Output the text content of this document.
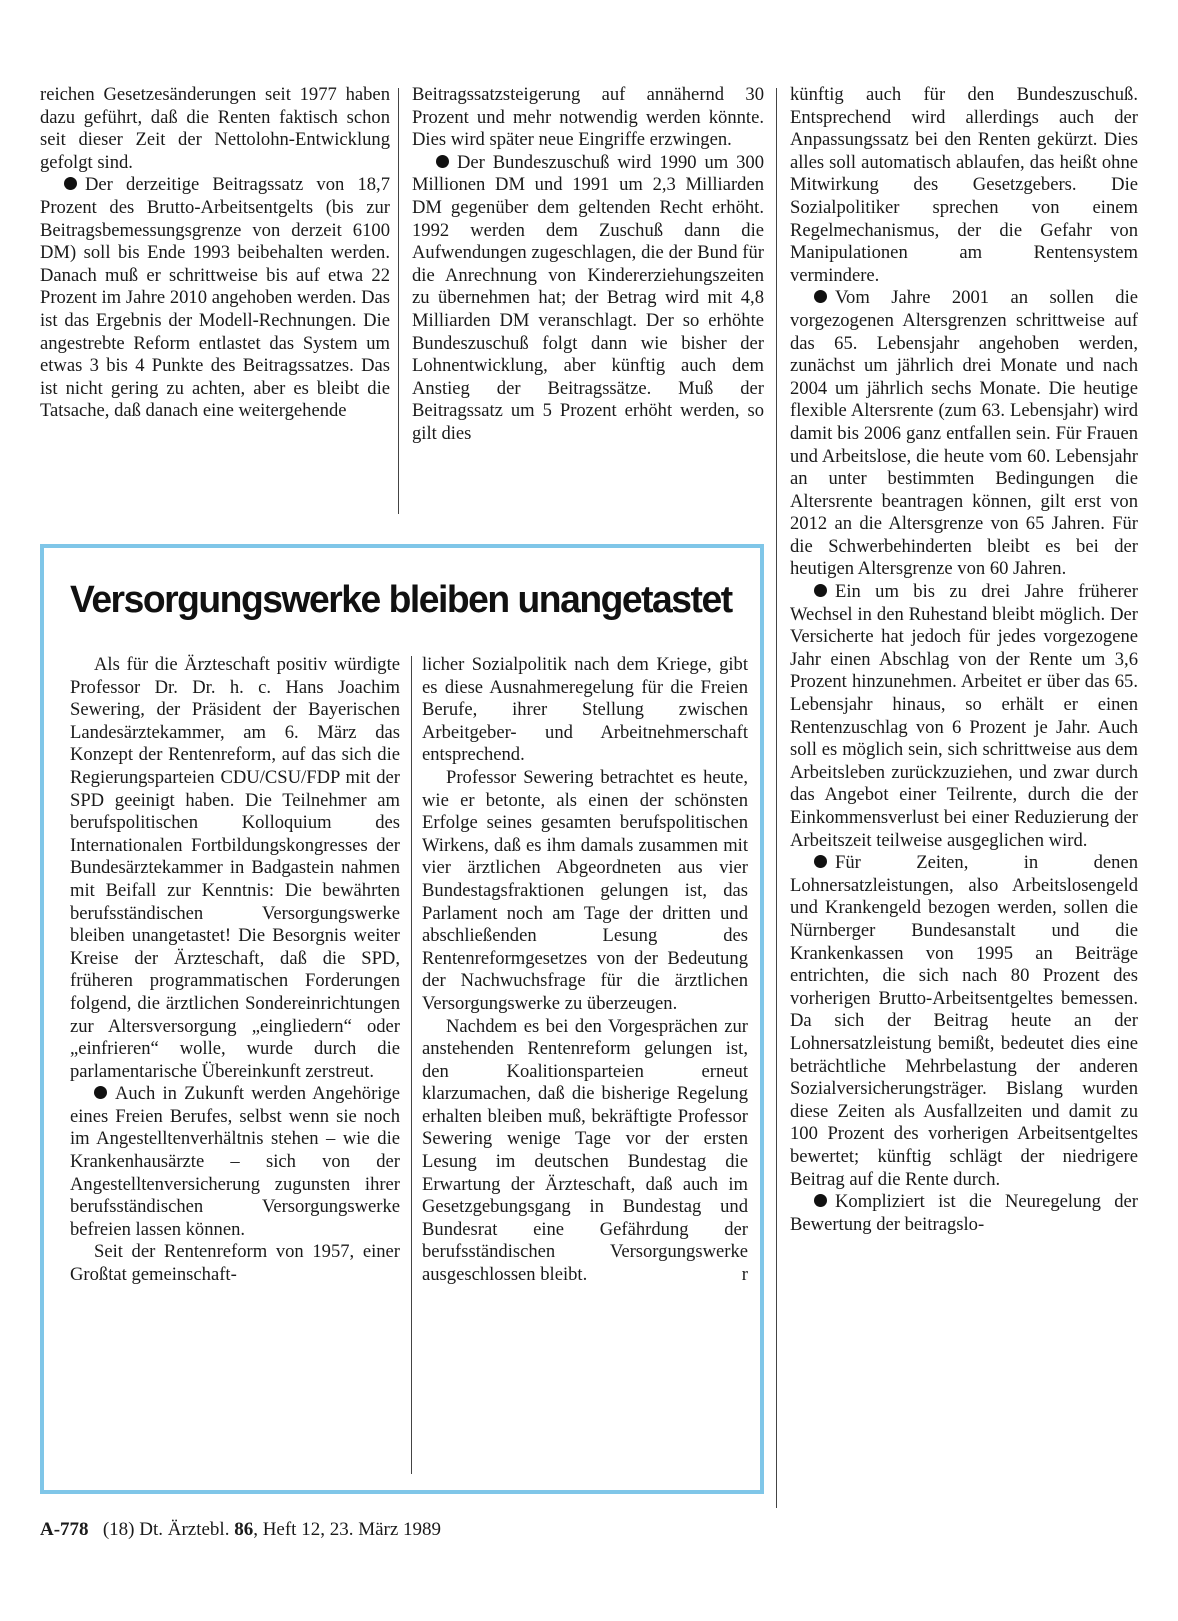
reichen Gesetzesänderungen seit 1977 haben dazu geführt, daß die Renten faktisch schon seit dieser Zeit der Nettolohn-Entwicklung gefolgt sind.

Der derzeitige Beitragssatz von 18,7 Prozent des Brutto-Arbeitsentgelts (bis zur Beitragsbemessungsgrenze von derzeit 6100 DM) soll bis Ende 1993 beibehalten werden. Danach muß er schrittweise bis auf etwa 22 Prozent im Jahre 2010 angehoben werden. Das ist das Ergebnis der Modell-Rechnungen. Die angestrebte Reform entlastet das System um etwas 3 bis 4 Punkte des Beitragssatzes. Das ist nicht gering zu achten, aber es bleibt die Tatsache, daß danach eine weitergehende

Beitragssatzsteigerung auf annähernd 30 Prozent und mehr notwendig werden könnte. Dies wird später neue Eingriffe erzwingen.

Der Bundeszuschuß wird 1990 um 300 Millionen DM und 1991 um 2,3 Milliarden DM gegenüber dem geltenden Recht erhöht. 1992 werden dem Zuschuß dann die Aufwendungen zugeschlagen, die der Bund für die Anrechnung von Kindererziehungszeiten zu übernehmen hat; der Betrag wird mit 4,8 Milliarden DM veranschlagt. Der so erhöhte Bundeszuschuß folgt dann wie bisher der Lohnentwicklung, aber künftig auch dem Anstieg der Beitragssätze. Muß der Beitragssatz um 5 Prozent erhöht werden, so gilt dies

künftig auch für den Bundeszuschuß. Entsprechend wird allerdings auch der Anpassungssatz bei den Renten gekürzt. Dies alles soll automatisch ablaufen, das heißt ohne Mitwirkung des Gesetzgebers. Die Sozialpolitiker sprechen von einem Regelmechanismus, der die Gefahr von Manipulationen am Rentensystem vermindere.

Vom Jahre 2001 an sollen die vorgezogenen Altersgrenzen schrittweise auf das 65. Lebensjahr angehoben werden, zunächst um jährlich drei Monate und nach 2004 um jährlich sechs Monate. Die heutige flexible Altersrente (zum 63. Lebensjahr) wird damit bis 2006 ganz entfallen sein. Für Frauen und Arbeitslose, die heute vom 60. Lebensjahr an unter bestimmten Bedingungen die Altersrente beantragen können, gilt erst von 2012 an die Altersgrenze von 65 Jahren. Für die Schwerbehinderten bleibt es bei der heutigen Altersgrenze von 60 Jahren.

Ein um bis zu drei Jahre früherer Wechsel in den Ruhestand bleibt möglich. Der Versicherte hat jedoch für jedes vorgezogene Jahr einen Abschlag von der Rente um 3,6 Prozent hinzunehmen. Arbeitet er über das 65. Lebensjahr hinaus, so erhält er einen Rentenzuschlag von 6 Prozent je Jahr. Auch soll es möglich sein, sich schrittweise aus dem Arbeitsleben zurückzuziehen, und zwar durch das Angebot einer Teilrente, durch die der Einkommensverlust bei einer Reduzierung der Arbeitszeit teilweise ausgeglichen wird.

Für Zeiten, in denen Lohnersatzleistungen, also Arbeitslosengeld und Krankengeld bezogen werden, sollen die Nürnberger Bundesanstalt und die Krankenkassen von 1995 an Beiträge entrichten, die sich nach 80 Prozent des vorherigen Brutto-Arbeitsentgeltes bemessen. Da sich der Beitrag heute an der Lohnersatzleistung bemißt, bedeutet dies eine beträchtliche Mehrbelastung der anderen Sozialversicherungsträger. Bislang wurden diese Zeiten als Ausfallzeiten und damit zu 100 Prozent des vorherigen Arbeitsentgeltes bewertet; künftig schlägt der niedrigere Beitrag auf die Rente durch.

Kompliziert ist die Neuregelung der Bewertung der beitragslo-

Versorgungswerke bleiben unangetastet

Als für die Ärzteschaft positiv würdigte Professor Dr. Dr. h. c. Hans Joachim Sewering, der Präsident der Bayerischen Landesärztekammer, am 6. März das Konzept der Rentenreform, auf das sich die Regierungsparteien CDU/CSU/FDP mit der SPD geeinigt haben. Die Teilnehmer am berufspolitischen Kolloquium des Internationalen Fortbildungskongresses der Bundesärztekammer in Badgastein nahmen mit Beifall zur Kenntnis: Die bewährten berufsständischen Versorgungswerke bleiben unangetastet! Die Besorgnis weiter Kreise der Ärzteschaft, daß die SPD, früheren programmatischen Forderungen folgend, die ärztlichen Sondereinrichtungen zur Altersversorgung „eingliedern“ oder „einfrieren“ wolle, wurde durch die parlamentarische Übereinkunft zerstreut.

Auch in Zukunft werden Angehörige eines Freien Berufes, selbst wenn sie noch im Angestelltenverhältnis stehen – wie die Krankenhausärzte – sich von der Angestelltenversicherung zugunsten ihrer berufsständischen Versorgungswerke befreien lassen können.

Seit der Rentenreform von 1957, einer Großtat gemeinschaft-

licher Sozialpolitik nach dem Kriege, gibt es diese Ausnahmeregelung für die Freien Berufe, ihrer Stellung zwischen Arbeitgeber- und Arbeitnehmerschaft entsprechend.

Professor Sewering betrachtet es heute, wie er betonte, als einen der schönsten Erfolge seines gesamten berufspolitischen Wirkens, daß es ihm damals zusammen mit vier ärztlichen Abgeordneten aus vier Bundestagsfraktionen gelungen ist, das Parlament noch am Tage der dritten und abschließenden Lesung des Rentenreformgesetzes von der Bedeutung der Nachwuchsfrage für die ärztlichen Versorgungswerke zu überzeugen.

Nachdem es bei den Vorgesprächen zur anstehenden Rentenreform gelungen ist, den Koalitionsparteien erneut klarzumachen, daß die bisherige Regelung erhalten bleiben muß, bekräftigte Professor Sewering wenige Tage vor der ersten Lesung im deutschen Bundestag die Erwartung der Ärzteschaft, daß auch im Gesetzgebungsgang in Bundestag und Bundesrat eine Gefährdung der berufsständischen Versorgungswerke ausgeschlossen bleibt.	r

A-778 (18) Dt. Ärztebl. 86, Heft 12, 23. März 1989
